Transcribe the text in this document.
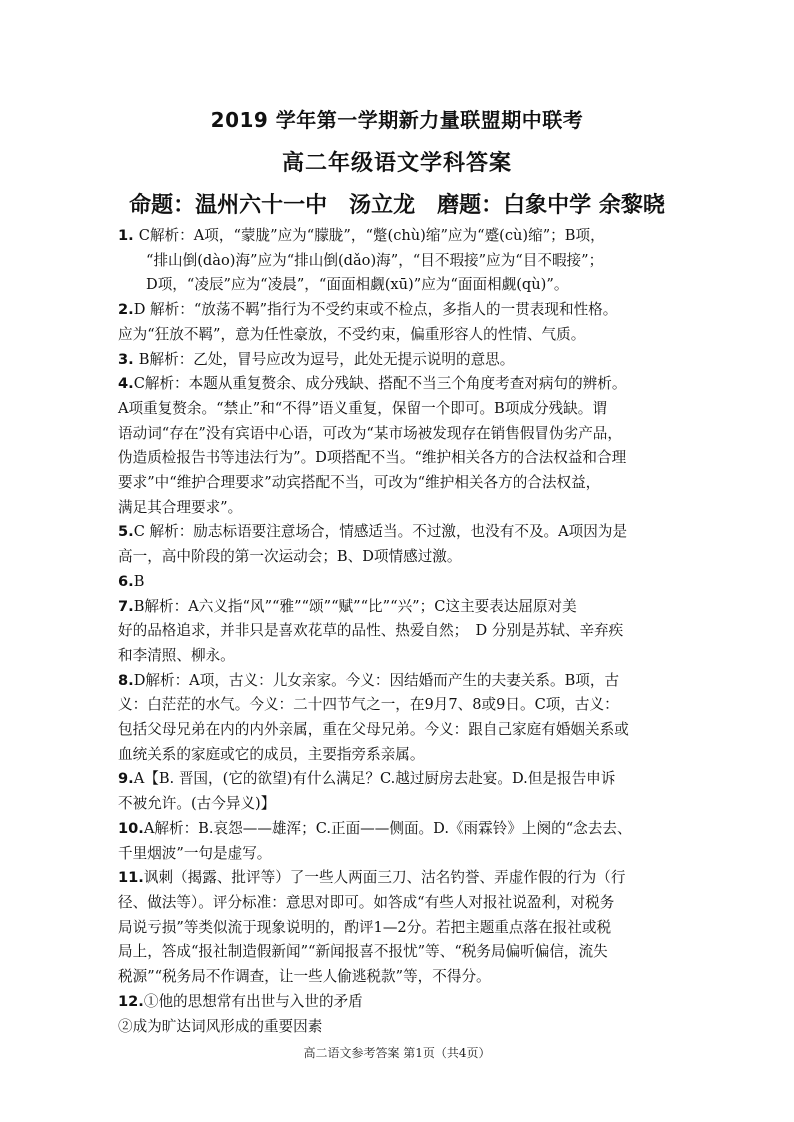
2019 学年第一学期新力量联盟期中联考
高二年级语文学科答案
命题：温州六十一中　汤立龙 磨题：白象中学 余黎晓

1. C解析：A项，“蒙胧”应为“朦胧”，“蹩(chù)缩”应为“蹙(cù)缩”；B项，

“排山倒(dào)海”应为“排山倒(dǎo)海”，“目不瑕接”应为“目不暇接”；

D项，“凌辰”应为“凌晨”，“面面相觑(xū)”应为“面面相觑(qù)”。

2.D 解析：“放荡不羁”指行为不受约束或不检点，多指人的一贯表现和性格。

应为“狂放不羁”，意为任性豪放，不受约束，偏重形容人的性情、气质。

3. B解析：乙处，冒号应改为逗号，此处无提示说明的意思。

4.C解析：本题从重复赘余、成分残缺、搭配不当三个角度考查对病句的辨析。

A项重复赘余。“禁止”和“不得”语义重复，保留一个即可。B项成分残缺。谓

语动词“存在”没有宾语中心语，可改为“某市场被发现存在销售假冒伪劣产品，

伪造质检报告书等违法行为”。D项搭配不当。“维护相关各方的合法权益和合理

要求”中“维护合理要求”动宾搭配不当，可改为“维护相关各方的合法权益，

满足其合理要求”。

5.C 解析：励志标语要注意场合，情感适当。不过激，也没有不及。A项因为是

高一，高中阶段的第一次运动会；B、D项情感过激。

6.B

7.B解析：A六义指“风”“雅”“颂”“赋”“比”“兴”；C这主要表达屈原对美

好的品格追求，并非只是喜欢花草的品性、热爱自然；　D 分别是苏轼、辛弃疾

和李清照、柳永。

8.D解析：A项，古义：儿女亲家。今义：因结婚而产生的夫妻关系。B项，古

义：白茫茫的水气。今义：二十四节气之一，在9月7、8或9日。C项，古义：

包括父母兄弟在内的内外亲属，重在父母兄弟。今义：跟自己家庭有婚姻关系或

血统关系的家庭或它的成员，主要指旁系亲属。

9.A【B. 晋国，(它的欲望)有什么满足？C.越过厨房去赴宴。D.但是报告申诉

不被允许。(古今异义)】

10.A解析：B.哀怨——雄浑；C.正面——侧面。D.《雨霖铃》上阕的“念去去、

千里烟波”一句是虚写。

11.讽刺（揭露、批评等）了一些人两面三刀、沽名钓誉、弄虚作假的行为（行

径、做法等）。评分标准：意思对即可。如答成“有些人对报社说盈利，对税务

局说亏损”等类似流于现象说明的，酌评1—2分。若把主题重点落在报社或税

局上，答成“报社制造假新闻”“新闻报喜不报忧”等、“税务局偏听偏信，流失

税源”“税务局不作调查，让一些人偷逃税款”等，不得分。

12.①他的思想常有出世与入世的矛盾

②成为旷达词风形成的重要因素

高二语文参考答案 第1页（共4页）
